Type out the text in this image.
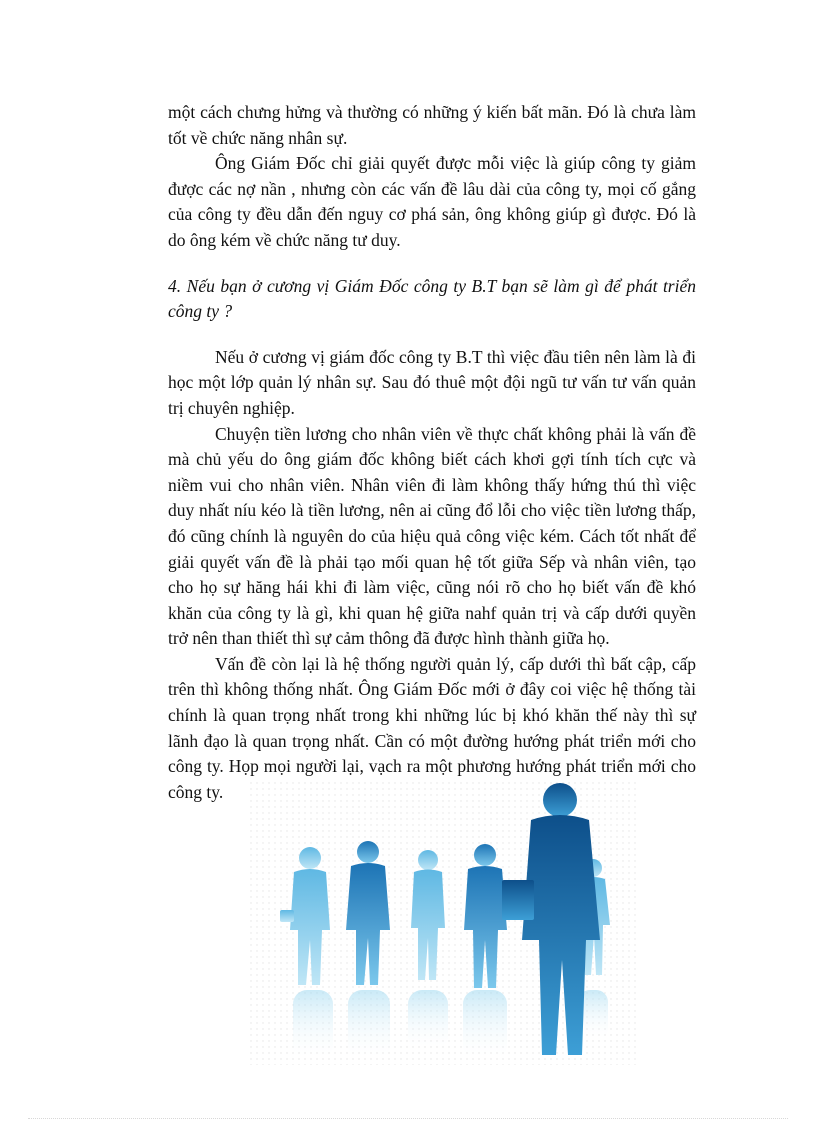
một cách chưng hửng và thường có những ý kiến bất mãn. Đó là chưa làm tốt về chức năng nhân sự.

Ông Giám Đốc chỉ giải quyết được mỗi việc là giúp công ty giảm được các nợ nần , nhưng còn các vấn đề lâu dài của công ty, mọi cố gắng của công ty đều dẫn đến nguy cơ phá sản, ông không giúp gì được. Đó là do ông kém về chức năng tư duy.

4. Nếu bạn ở cương vị Giám Đốc công ty B.T bạn sẽ làm gì để phát triển công ty ?

Nếu ở cương vị giám đốc công ty B.T thì việc đầu tiên nên làm là đi học một lớp quản lý nhân sự. Sau đó thuê một đội ngũ tư vấn tư vấn quản trị chuyên nghiệp.

Chuyện tiền lương cho nhân viên về thực chất không phải là vấn đề mà chủ yếu do ông giám đốc không biết cách khơi gợi tính tích cực và niềm vui cho nhân viên. Nhân viên đi làm không thấy hứng thú thì việc duy nhất níu kéo là tiền lương, nên ai cũng đổ lỗi cho việc tiền lương thấp, đó cũng chính là nguyên do của hiệu quả công việc kém. Cách tốt nhất để giải quyết vấn đề là phải tạo mối quan hệ tốt giữa Sếp và nhân viên, tạo cho họ sự hăng hái khi đi làm việc, cũng nói rõ cho họ biết vấn đề khó khăn của công ty là gì, khi quan hệ giữa nahf quản trị và cấp dưới quyền trở nên than thiết thì sự cảm thông đã được hình thành giữa họ.

Vấn đề còn lại là hệ thống người quản lý, cấp dưới thì bất cập, cấp trên thì không thống nhất. Ông Giám Đốc mới ở đây coi việc hệ thống tài chính là quan trọng nhất trong khi những lúc bị khó khăn thế này thì sự lãnh đạo là quan trọng nhất. Cần có một đường hướng phát triển mới cho công ty. Họp mọi người lại, vạch ra một phương hướng phát triển mới cho công ty.
